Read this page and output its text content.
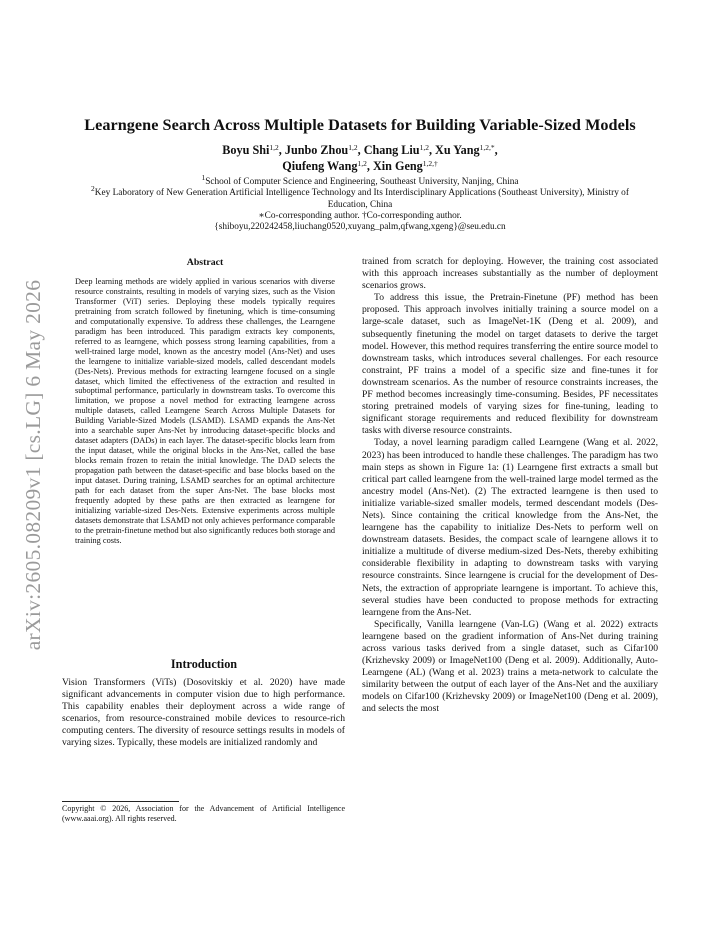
arXiv:2605.08209v1 [cs.LG] 6 May 2026
Learngene Search Across Multiple Datasets for Building Variable-Sized Models
Boyu Shi$^{1,2}$, Junbo Zhou$^{1,2}$, Chang Liu$^{1,2}$, Xu Yang$^{1,2,*}$,
Qiufeng Wang$^{1,2}$, Xin Geng$^{1,2,\dagger}$
$^1$School of Computer Science and Engineering, Southeast University, Nanjing, China
$^2$Key Laboratory of New Generation Artificial Intelligence Technology and Its Interdisciplinary Applications (Southeast University), Ministry of Education, China
∗Co-corresponding author. †Co-corresponding author.
{shiboyu,220242458,liuchang0520,xuyang_palm,qfwang,xgeng}@seu.edu.cn
Abstract
Deep learning methods are widely applied in various scenarios with diverse resource constraints, resulting in models of varying sizes, such as the Vision Transformer (ViT) series. Deploying these models typically requires pretraining from scratch followed by finetuning, which is time-consuming and computationally expensive. To address these challenges, the Learngene paradigm has been introduced. This paradigm extracts key components, referred to as learngene, which possess strong learning capabilities, from a well-trained large model, known as the ancestry model (Ans-Net) and uses the learngene to initialize variable-sized models, called descendant models (Des-Nets). Previous methods for extracting learngene focused on a single dataset, which limited the effectiveness of the extraction and resulted in suboptimal performance, particularly in downstream tasks. To overcome this limitation, we propose a novel method for extracting learngene across multiple datasets, called Learngene Search Across Multiple Datasets for Building Variable-Sized Models (LSAMD). LSAMD expands the Ans-Net into a searchable super Ans-Net by introducing dataset-specific blocks and dataset adapters (DADs) in each layer. The dataset-specific blocks learn from the input dataset, while the original blocks in the Ans-Net, called the base blocks remain frozen to retain the initial knowledge. The DAD selects the propagation path between the dataset-specific and base blocks based on the input dataset. During training, LSAMD searches for an optimal architecture path for each dataset from the super Ans-Net. The base blocks most frequently adopted by these paths are then extracted as learngene for initializing variable-sized Des-Nets. Extensive experiments across multiple datasets demonstrate that LSAMD not only achieves performance comparable to the pretrain-finetune method but also significantly reduces both storage and training costs.
Introduction
Vision Transformers (ViTs) (Dosovitskiy et al. 2020) have made significant advancements in computer vision due to high performance. This capability enables their deployment across a wide range of scenarios, from resource-constrained mobile devices to resource-rich computing centers. The diversity of resource settings results in models of varying sizes. Typically, these models are initialized randomly and
Copyright © 2026, Association for the Advancement of Artificial Intelligence (www.aaai.org). All rights reserved.

trained from scratch for deploying. However, the training cost associated with this approach increases substantially as the number of deployment scenarios grows.

To address this issue, the Pretrain-Finetune (PF) method has been proposed. This approach involves initially training a source model on a large-scale dataset, such as ImageNet-1K (Deng et al. 2009), and subsequently finetuning the model on target datasets to derive the target model. However, this method requires transferring the entire source model to downstream tasks, which introduces several challenges. For each resource constraint, PF trains a model of a specific size and fine-tunes it for downstream scenarios. As the number of resource constraints increases, the PF method becomes increasingly time-consuming. Besides, PF necessitates storing pretrained models of varying sizes for fine-tuning, leading to significant storage requirements and reduced flexibility for downstream tasks with diverse resource constraints.

Today, a novel learning paradigm called Learngene (Wang et al. 2022, 2023) has been introduced to handle these challenges. The paradigm has two main steps as shown in Figure 1a: (1) Learngene first extracts a small but critical part called learngene from the well-trained large model termed as the ancestry model (Ans-Net). (2) The extracted learngene is then used to initialize variable-sized smaller models, termed descendant models (Des-Nets). Since containing the critical knowledge from the Ans-Net, the learngene has the capability to initialize Des-Nets to perform well on downstream datasets. Besides, the compact scale of learngene allows it to initialize a multitude of diverse medium-sized Des-Nets, thereby exhibiting considerable flexibility in adapting to downstream tasks with varying resource constraints. Since learngene is crucial for the development of Des-Nets, the extraction of appropriate learngene is important. To achieve this, several studies have been conducted to propose methods for extracting learngene from the Ans-Net.

Specifically, Vanilla learngene (Van-LG) (Wang et al. 2022) extracts learngene based on the gradient information of Ans-Net during training across various tasks derived from a single dataset, such as Cifar100 (Krizhevsky 2009) or ImageNet100 (Deng et al. 2009). Additionally, Auto-Learngene (AL) (Wang et al. 2023) trains a meta-network to calculate the similarity between the output of each layer of the Ans-Net and the auxiliary models on Cifar100 (Krizhevsky 2009) or ImageNet100 (Deng et al. 2009), and selects the most
